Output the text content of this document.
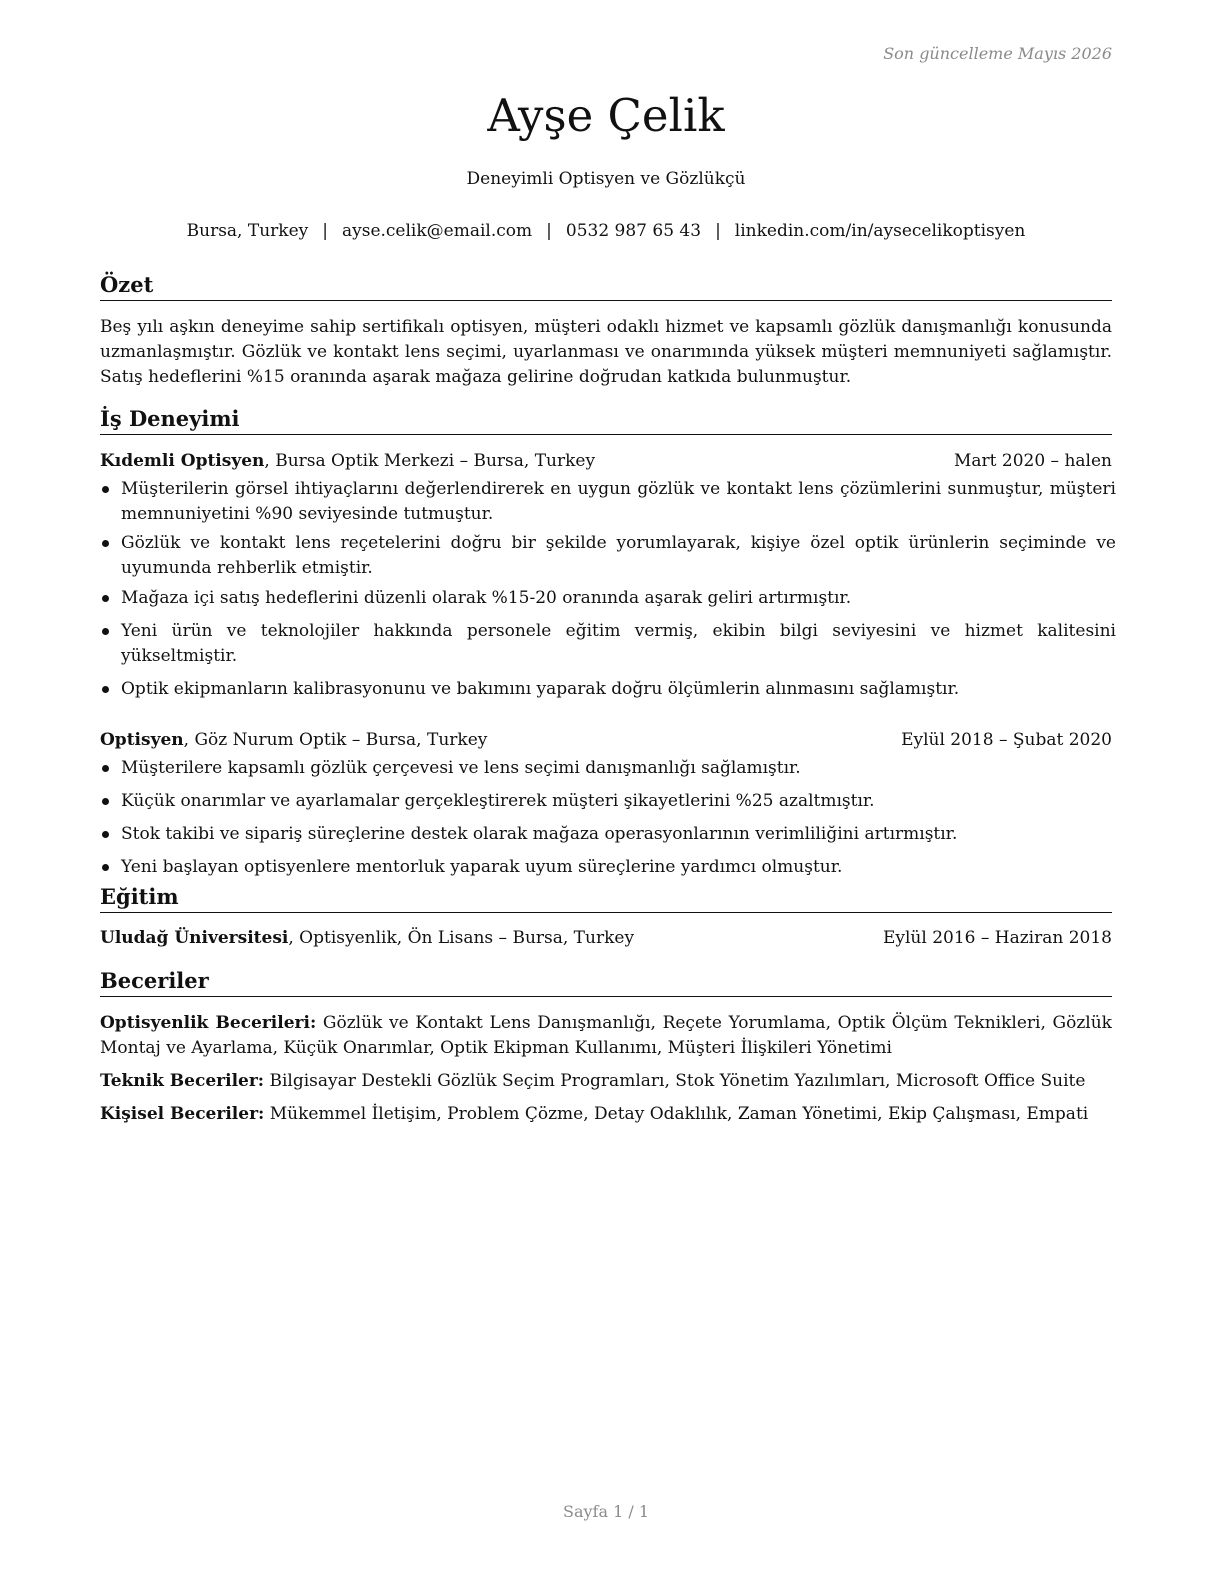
Son güncelleme Mayıs 2026
Ayşe Çelik
Deneyimli Optisyen ve Gözlükçü
Bursa, Turkey | ayse.celik@email.com | 0532 987 65 43 | linkedin.com/in/aysecelikoptisyen
Özet

Beş yılı aşkın deneyime sahip sertifikalı optisyen, müşteri odaklı hizmet ve kapsamlı gözlük danışmanlığı konusunda uzmanlaşmıştır. Gözlük ve kontakt lens seçimi, uyarlanması ve onarımında yüksek müşteri memnuniyeti sağlamıştır. Satış hedeflerini %15 oranında aşarak mağaza gelirine doğrudan katkıda bulunmuştur.

İş Deneyimi
Kıdemli Optisyen, Bursa Optik Merkezi – Bursa, Turkey	Mart 2020 – halen
Müşterilerin görsel ihtiyaçlarını değerlendirerek en uygun gözlük ve kontakt lens çözümlerini sunmuştur, müşteri memnuniyetini %90 seviyesinde tutmuştur.
Gözlük ve kontakt lens reçetelerini doğru bir şekilde yorumlayarak, kişiye özel optik ürünlerin seçiminde ve uyumunda rehberlik etmiştir.
Mağaza içi satış hedeflerini düzenli olarak %15-20 oranında aşarak geliri artırmıştır.
Yeni ürün ve teknolojiler hakkında personele eğitim vermiş, ekibin bilgi seviyesini ve hizmet kalitesini yükseltmiştir.
Optik ekipmanların kalibrasyonunu ve bakımını yaparak doğru ölçümlerin alınmasını sağlamıştır.
Optisyen, Göz Nurum Optik – Bursa, Turkey	Eylül 2018 – Şubat 2020
Müşterilere kapsamlı gözlük çerçevesi ve lens seçimi danışmanlığı sağlamıştır.
Küçük onarımlar ve ayarlamalar gerçekleştirerek müşteri şikayetlerini %25 azaltmıştır.
Stok takibi ve sipariş süreçlerine destek olarak mağaza operasyonlarının verimliliğini artırmıştır.
Yeni başlayan optisyenlere mentorluk yaparak uyum süreçlerine yardımcı olmuştur.
Eğitim
Uludağ Üniversitesi, Optisyenlik, Ön Lisans – Bursa, Turkey	Eylül 2016 – Haziran 2018
Beceriler

Optisyenlik Becerileri: Gözlük ve Kontakt Lens Danışmanlığı, Reçete Yorumlama, Optik Ölçüm Teknikleri, Gözlük Montaj ve Ayarlama, Küçük Onarımlar, Optik Ekipman Kullanımı, Müşteri İlişkileri Yönetimi

Teknik Beceriler: Bilgisayar Destekli Gözlük Seçim Programları, Stok Yönetim Yazılımları, Microsoft Office Suite

Kişisel Beceriler: Mükemmel İletişim, Problem Çözme, Detay Odaklılık, Zaman Yönetimi, Ekip Çalışması, Empati

Sayfa 1 / 1
